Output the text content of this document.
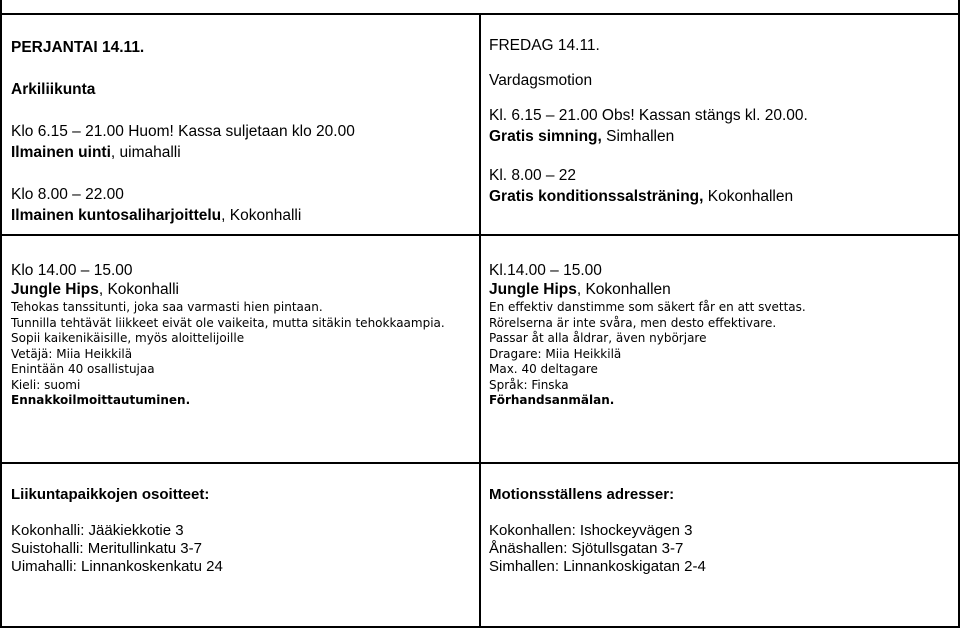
PERJANTAI 14.11.
Arkiliikunta
Klo 6.15 – 21.00 Huom! Kassa suljetaan klo 20.00
Ilmainen uinti, uimahalli
Klo 8.00 – 22.00
Ilmainen kuntosaliharjoittelu, Kokonhalli
FREDAG 14.11.
Vardagsmotion
Kl. 6.15 – 21.00 Obs! Kassan stängs kl. 20.00.
Gratis simning, Simhallen
Kl. 8.00 – 22
Gratis konditionssalsträning, Kokonhallen
Klo 14.00 – 15.00
Jungle Hips, Kokonhalli
Tehokas tanssitunti, joka saa varmasti hien pintaan.
Tunnilla tehtävät liikkeet eivät ole vaikeita, mutta sitäkin tehokkaampia.
Sopii kaikenikäisille, myös aloittelijoille
Vetäjä: Miia Heikkilä
Enintään 40 osallistujaa
Kieli: suomi
Ennakkoilmoittautuminen.
Kl.14.00 – 15.00
Jungle Hips, Kokonhallen
En effektiv danstimme som säkert får en att svettas.
Rörelserna är inte svåra, men desto effektivare.
Passar åt alla åldrar, även nybörjare
Dragare: Miia Heikkilä
Max. 40 deltagare
Språk: Finska
Förhandsanmälan.
Liikuntapaikkojen osoitteet:
Kokonhalli: Jääkiekkotie 3
Suistohalli: Meritullinkatu 3-7
Uimahalli: Linnankoskenkatu 24
Motionsställens adresser:
Kokonhallen: Ishockeyvägen 3
Ånäshallen: Sjötullsgatan 3-7
Simhallen: Linnankoskigatan 2-4
